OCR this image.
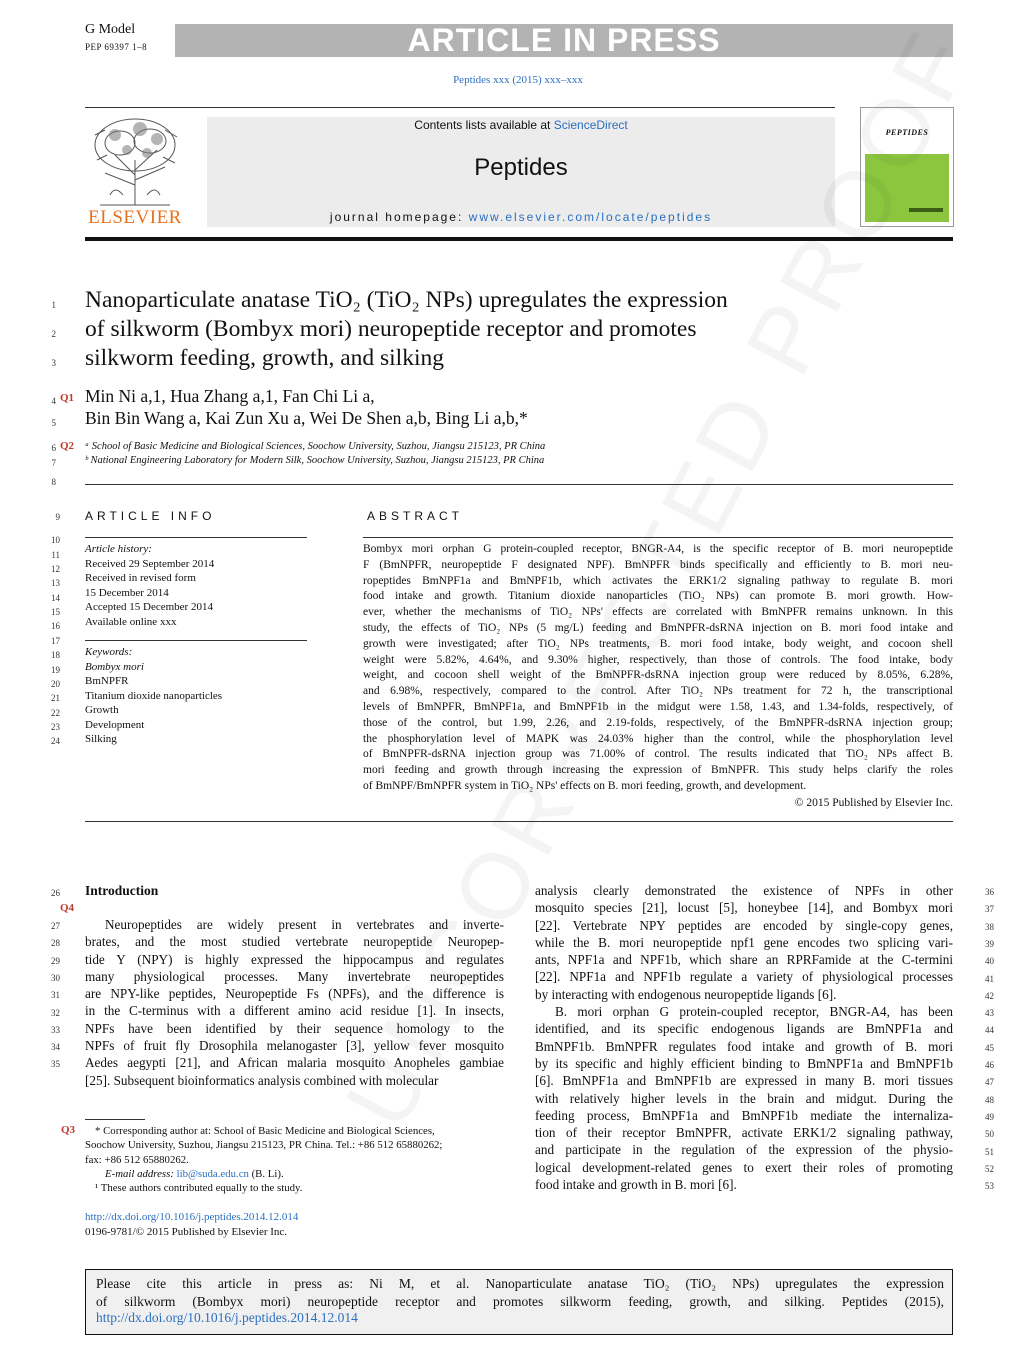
G Model
PEP 69397 1–8	ARTICLE IN PRESS
Peptides xxx (2015) xxx–xxx
ELSEVIER
Contents lists available at ScienceDirect
Peptides
journal homepage: www.elsevier.com/locate/peptides
PEPTIDES
1
2
3
Nanoparticulate anatase TiO₂ (TiO₂ NPs) upregulates the expression
of silkworm (Bombyx mori) neuropeptide receptor and promotes
silkworm feeding, growth, and silking
4 Q1 Min Ni a,1, Hua Zhang a,1, Fan Chi Li a,
5 Bin Bin Wang a, Kai Zun Xu a, Wei De Shen a,b, Bing Li a,b,*
Q2
6	ᵃ School of Basic Medicine and Biological Sciences, Soochow University, Suzhou, Jiangsu 215123, PR China
7	ᵇ National Engineering Laboratory for Modern Silk, Soochow University, Suzhou, Jiangsu 215123, PR China
8
ARTICLE INFO
9
10
11
12
13
14
15
16
17
18
19
20
21
22
23
24
Article history:
Received 29 September 2014
Received in revised form
15 December 2014
Accepted 15 December 2014
Available online xxx
Keywords:
Bombyx mori
BmNPFR
Titanium dioxide nanoparticles
Growth
Development
Silking
ABSTRACT
Bombyx mori orphan G protein-coupled receptor, BNGR-A4, is the specific receptor of B. mori neuropeptide
F (BmNPFR, neuropeptide F designated NPF). BmNPFR binds specifically and efficiently to B. mori neu-
ropeptides BmNPF1a and BmNPF1b, which activates the ERK1/2 signaling pathway to regulate B. mori
food intake and growth. Titanium dioxide nanoparticles (TiO₂ NPs) can promote B. mori growth. How-
ever, whether the mechanisms of TiO₂ NPs' effects are correlated with BmNPFR remains unknown. In this
study, the effects of TiO₂ NPs (5 mg/L) feeding and BmNPFR-dsRNA injection on B. mori food intake and
growth were investigated; after TiO₂ NPs treatments, B. mori food intake, body weight, and cocoon shell
weight were 5.82%, 4.64%, and 9.30% higher, respectively, than those of controls. The food intake, body
weight, and cocoon shell weight of the BmNPFR-dsRNA injection group were reduced by 8.05%, 6.28%,
and 6.98%, respectively, compared to the control. After TiO₂ NPs treatment for 72 h, the transcriptional
levels of BmNPFR, BmNPF1a, and BmNPF1b in the midgut were 1.58, 1.43, and 1.34-folds, respectively, of
those of the control, but 1.99, 2.26, and 2.19-folds, respectively, of the BmNPFR-dsRNA injection group;
the phosphorylation level of MAPK was 24.03% higher than the control, while the phosphorylation level
of BmNPFR-dsRNA injection group was 71.00% of control. The results indicated that TiO₂ NPs affect B.
mori feeding and growth through increasing the expression of BmNPFR. This study helps clarify the roles
of BmNPF/BmNPFR system in TiO₂ NPs' effects on B. mori feeding, growth, and development.
© 2015 Published by Elsevier Inc.
26 Introduction
Q4
Neuropeptides are widely present in vertebrates and inverte-
brates, and the most studied vertebrate neuropeptide Neuropep-
tide Y (NPY) is highly expressed the hippocampus and regulates
many physiological processes. Many invertebrate neuropeptides
are NPY-like peptides, Neuropeptide Fs (NPFs), and the difference is
in the C-terminus with a different amino acid residue [1]. In insects,
NPFs have been identified by their sequence homology to the
NPFs of fruit fly Drosophila melanogaster [3], yellow fever mosquito
Aedes aegypti [21], and African malaria mosquito Anopheles gambiae
[25]. Subsequent bioinformatics analysis combined with molecular
analysis clearly demonstrated the existence of NPFs in other
mosquito species [21], locust [5], honeybee [14], and Bombyx mori
[22]. Vertebrate NPY peptides are encoded by single-copy genes,
while the B. mori neuropeptide npf1 gene encodes two splicing vari-
ants, NPF1a and NPF1b, which share an RPRFamide at the C-termini
[22]. NPF1a and NPF1b regulate a variety of physiological processes
by interacting with endogenous neuropeptide ligands [6].
B. mori orphan G protein-coupled receptor, BNGR-A4, has been
identified, and its specific endogenous ligands are BmNPF1a and
BmNPF1b. BmNPFR regulates food intake and growth of B. mori
by its specific and highly efficient binding to BmNPF1a and BmNPF1b
[6]. BmNPF1a and BmNPF1b are expressed in many B. mori tissues
with relatively higher levels in the brain and midgut. During the
feeding process, BmNPF1a and BmNPF1b mediate the internaliza-
tion of their receptor BmNPFR, activate ERK1/2 signaling pathway,
and participate in the regulation of the expression of the physio-
logical development-related genes to exert their roles of promoting
food intake and growth in B. mori [6].
Q3	* Corresponding author at: School of Basic Medicine and Biological Sciences,
Soochow University, Suzhou, Jiangsu 215123, PR China. Tel.: +86 512 65880262;
fax: +86 512 65880262.
E-mail address: lib@suda.edu.cn (B. Li).
¹ These authors contributed equally to the study.
http://dx.doi.org/10.1016/j.peptides.2014.12.014
0196-9781/© 2015 Published by Elsevier Inc.
Please cite this article in press as: Ni M, et al. Nanoparticulate anatase TiO₂ (TiO₂ NPs) upregulates the expression
of silkworm (Bombyx mori) neuropeptide receptor and promotes silkworm feeding, growth, and silking. Peptides (2015),
http://dx.doi.org/10.1016/j.peptides.2014.12.014
27
28
29
30
31
32
33
34
35
36
37
38
39
40
41
42
43
44
45
46
47
48
49
50
51
52
53
